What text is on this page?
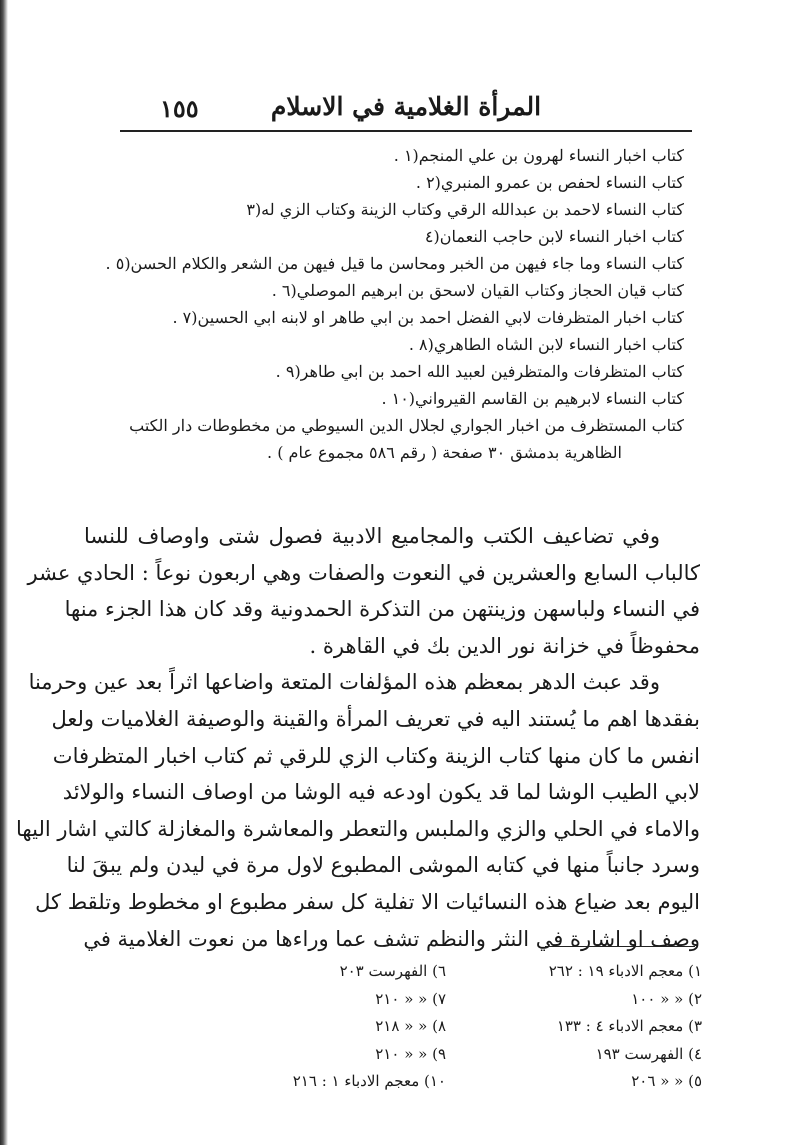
المرأة الغلامية في الاسلام
١٥٥
كتاب اخبار النساء لهرون بن علي المنجم(١ .
كتاب النساء لحفص بن عمرو المنبري(٢ .
كتاب النساء لاحمد بن عبدالله الرقي وكتاب الزينة وكتاب الزي له(٣
كتاب اخبار النساء لابن حاجب النعمان(٤
كتاب النساء وما جاء فيهن من الخبر ومحاسن ما قيل فيهن من الشعر والكلام الحسن(٥ .
كتاب قيان الحجاز وكتاب القيان لاسحق بن ابرهيم الموصلي(٦ .
كتاب اخبار المتظرفات لابي الفضل احمد بن ابي طاهر او لابنه ابي الحسين(٧ .
كتاب اخبار النساء لابن الشاه الطاهري(٨ .
كتاب المتظرفات والمتظرفين لعبيد الله احمد بن ابي طاهر(٩ .
كتاب النساء لابرهيم بن القاسم القيرواني(١٠ .
كتاب المستظرف من اخبار الجواري لجلال الدين السيوطي من مخطوطات دار الكتب
الظاهرية بدمشق ٣٠ صفحة ( رقم ٥٨٦ مجموع عام ) .
وفي تضاعيف الكتب والمجاميع الادبية فصول شتى واوصاف للنسا
كالباب السابع والعشرين في النعوت والصفات وهي اربعون نوعاً : الحادي عشر
في النساء ولباسهن وزينتهن من التذكرة الحمدونية وقد كان هذا الجزء منها
محفوظاً في خزانة نور الدين بك في القاهرة .
وقد عبث الدهر بمعظم هذه المؤلفات المتعة واضاعها اثراً بعد عين وحرمنا
بفقدها اهم ما يُستند اليه في تعريف المرأة والقينة والوصيفة الغلاميات ولعل
انفس ما كان منها كتاب الزينة وكتاب الزي للرقي ثم كتاب اخبار المتظرفات
لابي الطيب الوشا لما قد يكون اودعه فيه الوشا من اوصاف النساء والولائد
والاماء في الحلي والزي والملبس والتعطر والمعاشرة والمغازلة كالتي اشار اليها
وسرد جانباً منها في كتابه الموشى المطبوع لاول مرة في ليدن ولم يبقَ لنا
اليوم بعد ضياع هذه النسائيات الا تفلية كل سفر مطبوع او مخطوط وتلقط كل
وصف او اشارة في النثر والنظم تشف عما وراءها من نعوت الغلامية في
١) معجم الادباء ١٩ : ٢٦٢
٢) « « ١٠٠
٣) معجم الادباء ٤ : ١٣٣
٤) الفهرست ١٩٣
٥) « « ٢٠٦
٦) الفهرست ٢٠٣
٧) « « ٢١٠
٨) « « ٢١٨
٩) « « ٢١٠
١٠) معجم الادباء ١ : ٢١٦
